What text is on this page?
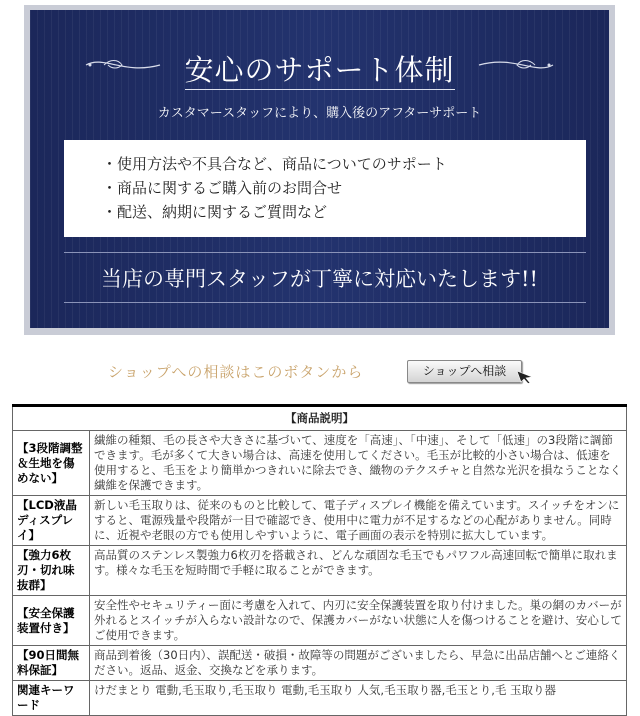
安心のサポート体制
カスタマースタッフにより、購入後のアフターサポート
・使用方法や不具合など、商品についてのサポート
・商品に関するご購入前のお問合せ
・配送、納期に関するご質問など
当店の専門スタッフが丁寧に対応いたします!!
ショップへの相談はこのボタンから	ショップへ相談
【商品説明】	
【3段階調整＆生地を傷めない】	繊維の種類、毛の長さや大きさに基づいて、速度を「高速」、「中速」、そして「低速」の3段階に調節できます。毛が多くて大きい場合は、高速を使用してください。毛玉が比較的小さい場合は、低速を使用すると、毛玉をより簡単かつきれいに除去でき、織物のテクスチャと自然な光沢を損なうことなく繊維を保護できます。
【LCD液晶ディスプレイ】	新しい毛玉取りは、従来のものと比較して、電子ディスプレイ機能を備えています。スイッチをオンにすると、電源残量や段階が一目で確認でき、使用中に電力が不足するなどの心配がありません。同時に、近視や老眼の方でも使用しやすいように、電子画面の表示を特別に拡大しています。
【強力6枚刃・切れ味抜群】	高品質のステンレス製強力6枚刃を搭載され、どんな頑固な毛玉でもパワフル高速回転で簡単に取れます。様々な毛玉を短時間で手軽に取ることができます。
【安全保護装置付き】	安全性やセキュリティー面に考慮を入れて、内刃に安全保護装置を取り付けました。巣の網のカバーが外れるとスイッチが入らない設計なので、保護カバーがない状態に人を傷つけることを避け、安心してご使用できます。
【90日間無料保証】	商品到着後（30日内）、誤配送・破損・故障等の問題がございましたら、早急に出品店舗へとご連絡ください。返品、返金、交換などを承ります。
関連キーワード	けだまとり 電動,毛玉取り,毛玉取り 電動,毛玉取り 人気,毛玉取り器,毛玉とり,毛 玉取り器
